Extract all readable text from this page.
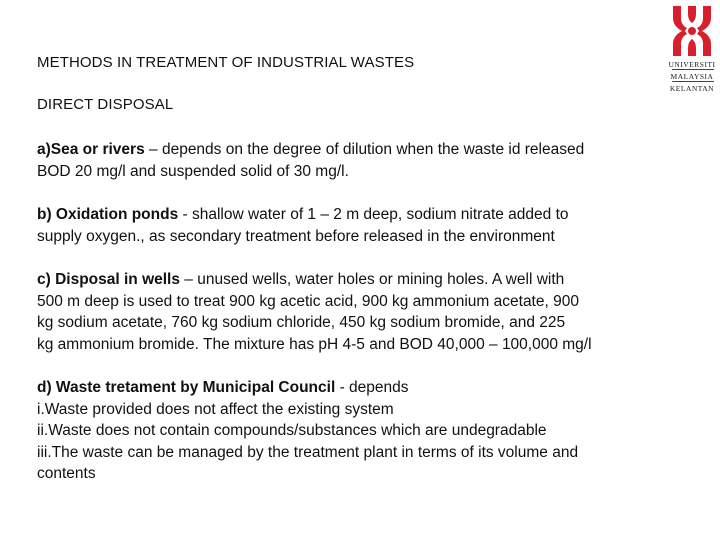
UNIVERSITI
MALAYSIA
KELANTAN
METHODS IN TREATMENT OF INDUSTRIAL WASTES
DIRECT DISPOSAL

a)Sea or rivers – depends on the degree of dilution when the waste id released

BOD 20 mg/l and suspended solid of 30 mg/l.

b) Oxidation ponds - shallow water of 1 – 2 m deep, sodium nitrate added to

supply oxygen., as secondary treatment before released in the environment

c) Disposal in wells – unused wells, water holes or mining holes. A well with

500 m deep is used to treat 900 kg acetic acid, 900 kg ammonium acetate, 900

kg sodium acetate, 760 kg sodium chloride, 450 kg sodium bromide, and 225

kg ammonium bromide. The mixture has pH 4-5 and BOD 40,000 – 100,000 mg/l

d) Waste tretament by Municipal Council - depends

i.Waste provided does not affect the existing system

ii.Waste does not contain compounds/substances which are undegradable

iii.The waste can be managed by the treatment plant in terms of its volume and

contents
